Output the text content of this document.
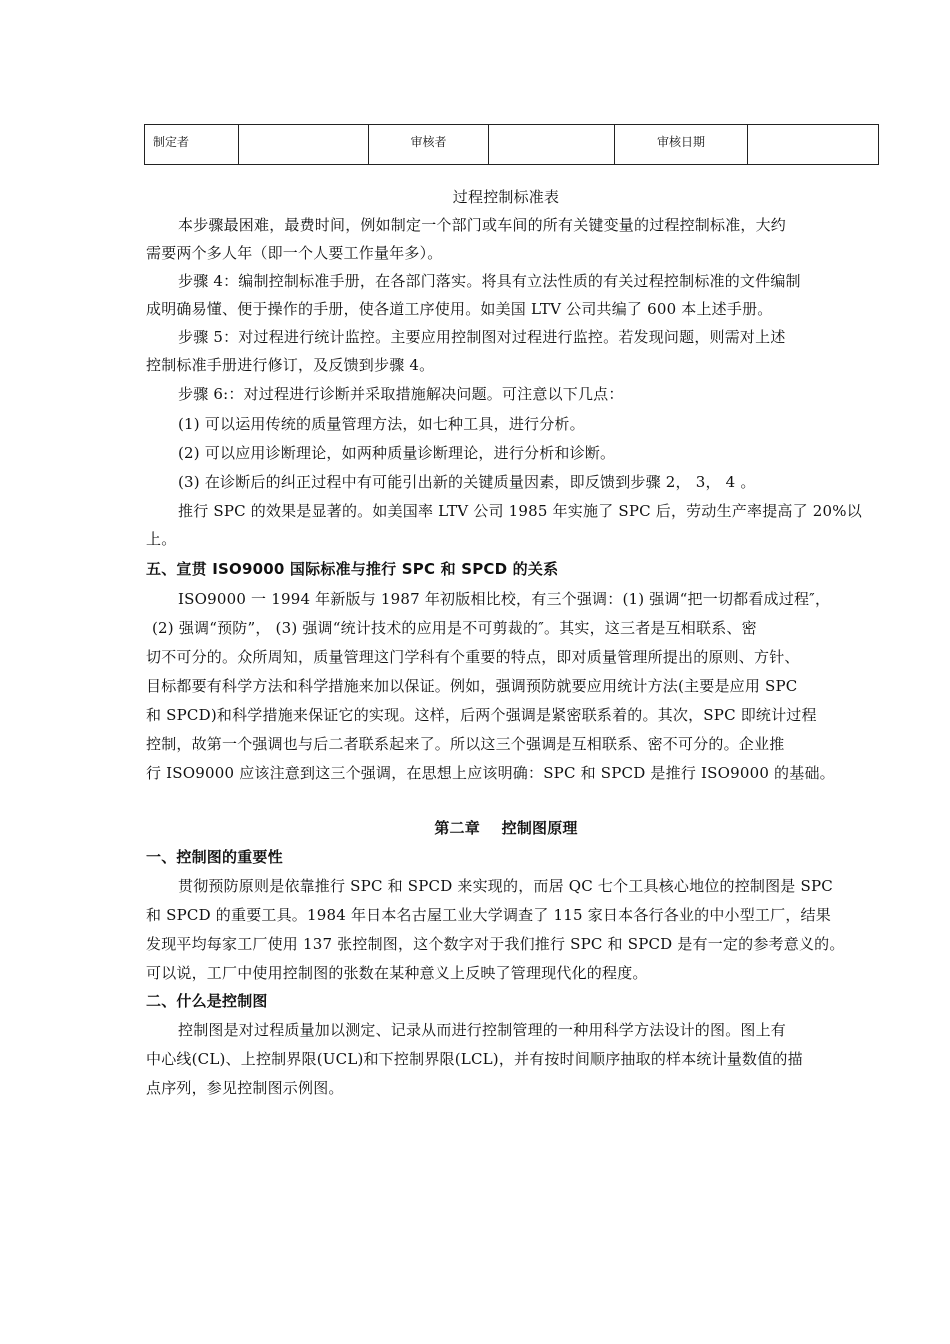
制定者		审核者		审核日期	
过程控制标准表
本步骤最困难，最费时间，例如制定一个部门或车间的所有关键变量的过程控制标准，大约
需要两个多人年（即一个人要工作量年多）。
步骤 4：编制控制标准手册，在各部门落实。将具有立法性质的有关过程控制标准的文件编制
成明确易懂、便于操作的手册，使各道工序使用。如美国 LTV 公司共编了 600 本上述手册。
步骤 5：对过程进行统计监控。主要应用控制图对过程进行监控。若发现问题，则需对上述
控制标准手册进行修订，及反馈到步骤 4。
步骤 6:：对过程进行诊断并采取措施解决问题。可注意以下几点：
(1) 可以运用传统的质量管理方法，如七种工具，进行分析。
(2) 可以应用诊断理论，如两种质量诊断理论，进行分析和诊断。
(3) 在诊断后的纠正过程中有可能引出新的关键质量因素，即反馈到步骤 2， 3， 4 。
推行 SPC 的效果是显著的。如美国率 LTV 公司 1985 年实施了 SPC 后，劳动生产率提高了 20%以
上。
五、宣贯 ISO9000 国际标准与推行 SPC 和 SPCD 的关系
ISO9000 一 1994 年新版与 1987 年初版相比校，有三个强调：(1) 强调“把一切都看成过程″，
(2) 强调“预防”， (3) 强调“统计技术的应用是不可剪裁的″。其实，这三者是互相联系、密
切不可分的。众所周知，质量管理这门学科有个重要的特点，即对质量管理所提出的原则、方针、
目标都要有科学方法和科学措施来加以保证。例如，强调预防就要应用统计方法(主要是应用 SPC
和 SPCD)和科学措施来保证它的实现。这样，后两个强调是紧密联系着的。其次，SPC 即统计过程
控制，故第一个强调也与后二者联系起来了。所以这三个强调是互相联系、密不可分的。企业推
行 ISO9000 应该注意到这三个强调，在思想上应该明确：SPC 和 SPCD 是推行 ISO9000 的基础。
第二章    控制图原理
一、控制图的重要性
贯彻预防原则是依靠推行 SPC 和 SPCD 来实现的，而居 QC 七个工具核心地位的控制图是 SPC
和 SPCD 的重要工具。1984 年日本名古屋工业大学调查了 115 家日本各行各业的中小型工厂，结果
发现平均每家工厂使用 137 张控制图，这个数字对于我们推行 SPC 和 SPCD 是有一定的参考意义的。
可以说，工厂中使用控制图的张数在某种意义上反映了管理现代化的程度。
二、什么是控制图
控制图是对过程质量加以测定、记录从而进行控制管理的一种用科学方法设计的图。图上有
中心线(CL)、上控制界限(UCL)和下控制界限(LCL)，并有按时间顺序抽取的样本统计量数值的描
点序列，参见控制图示例图。
